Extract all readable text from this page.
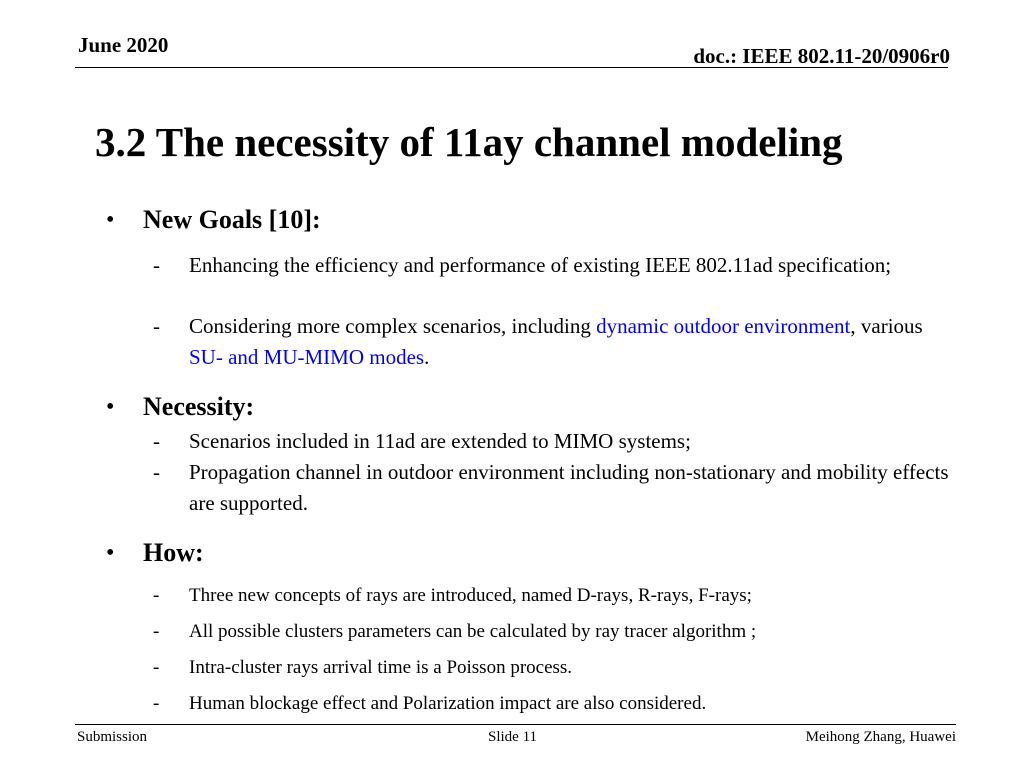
June 2020	doc.: IEEE 802.11-20/0906r0
3.2 The necessity of 11ay channel modeling
• New Goals [10]:
- Enhancing the efficiency and performance of existing IEEE 802.11ad specification;
- Considering more complex scenarios, including dynamic outdoor environment, various SU- and MU-MIMO modes.
• Necessity:
- Scenarios included in 11ad are extended to MIMO systems;
- Propagation channel in outdoor environment including non-stationary and mobility effects are supported.
• How:
- Three new concepts of rays are introduced, named D-rays, R-rays, F-rays;
- All possible clusters parameters can be calculated by ray tracer algorithm ;
- Intra-cluster rays arrival time is a Poisson process.
- Human blockage effect and Polarization impact are also considered.
Submission	Slide 11	Meihong Zhang, Huawei
